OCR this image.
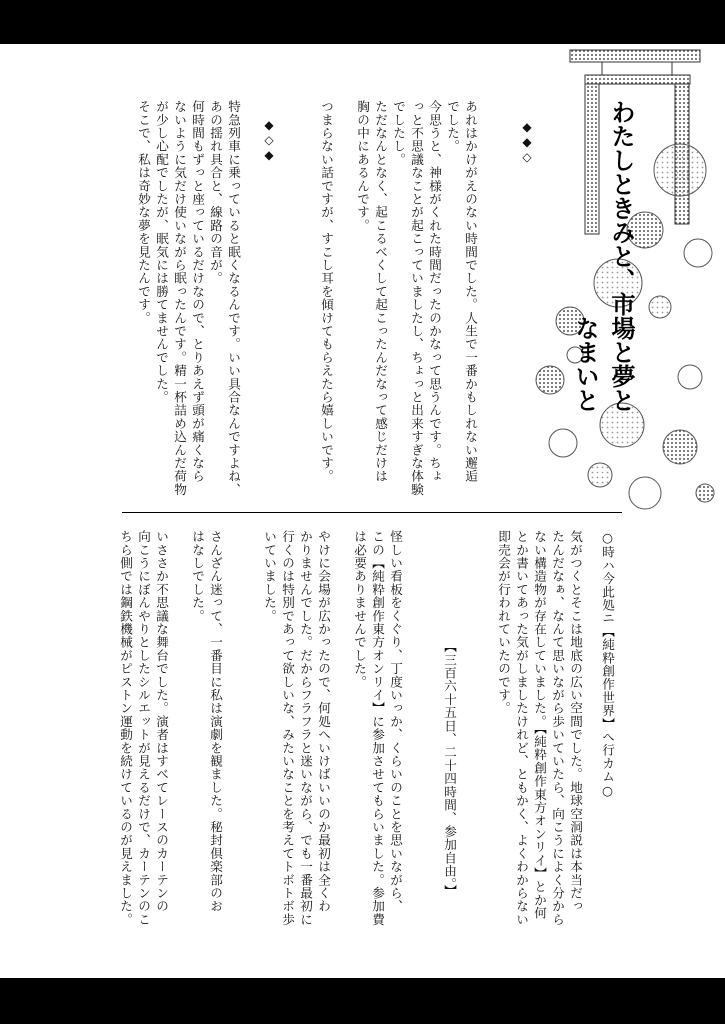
わたしときみと、市場と夢と
なまいと
あれはかけがえのない時間でした。人生で一番かもしれない邂逅
でした。
今思うと、神様がくれた時間だったのかなって思うんです。ちょ
っと不思議なことが起こっていましたし、ちょっと出来すぎな体験
でしたし。
ただなんとなく、起こるべくして起こったんだなって感じだけは
胸の中にあるんです。
つまらない話ですが、すこし耳を傾けてもらえたら嬉しいです。	◆◆◇
◆◇◆
特急列車に乗っていると眠くなるんです。いい具合なんですよね、
あの揺れ具合と、線路の音が。
何時間もずっと座っているだけなので、とりあえず頭が痛くなら
ないように気だけ使いながら眠ったんです。精一杯詰め込んだ荷物
が少し心配でしたが、眠気には勝てませんでした。
そこで、私は奇妙な夢を見たんです。
○時ハ今此処ニ【純粋創作世界】へ行カム○
気がつくとそこは地底の広い空間でした。地球空洞説は本当だっ
たんだなぁ、なんて思いながら歩いていたら、向こうによく分から
ない構造物が存在していました。【純粋創作東方オンリイ】とか何
とか書いてあった気がしましたけれど、ともかく、よくわからない
即売会が行われていたのです。
【三百六十五日、二十四時間、参加自由。】
怪しい看板をくぐり、丁度いっか、くらいのことを思いながら、
この【純粋創作東方オンリイ】に参加させてもらいました。参加費
は必要ありませんでした。
やけに会場が広かったので、何処へいけばいいのか最初は全くわ
かりませんでした。だからフラフラと迷いながら、でも一番最初に
行くのは特別であって欲しいな、みたいなことを考えてトボトボ歩
いていました。
さんざん迷って、一番目に私は演劇を観ました。秘封倶楽部のお
はなしでした。
いささか不思議な舞台でした。演者はすべてレースのカーテンの
向こうにぼんやりとしたシルエットが見えるだけで、カーテンのこ
ちら側では鋼鉄機械がピストン運動を続けているのが見えました。
